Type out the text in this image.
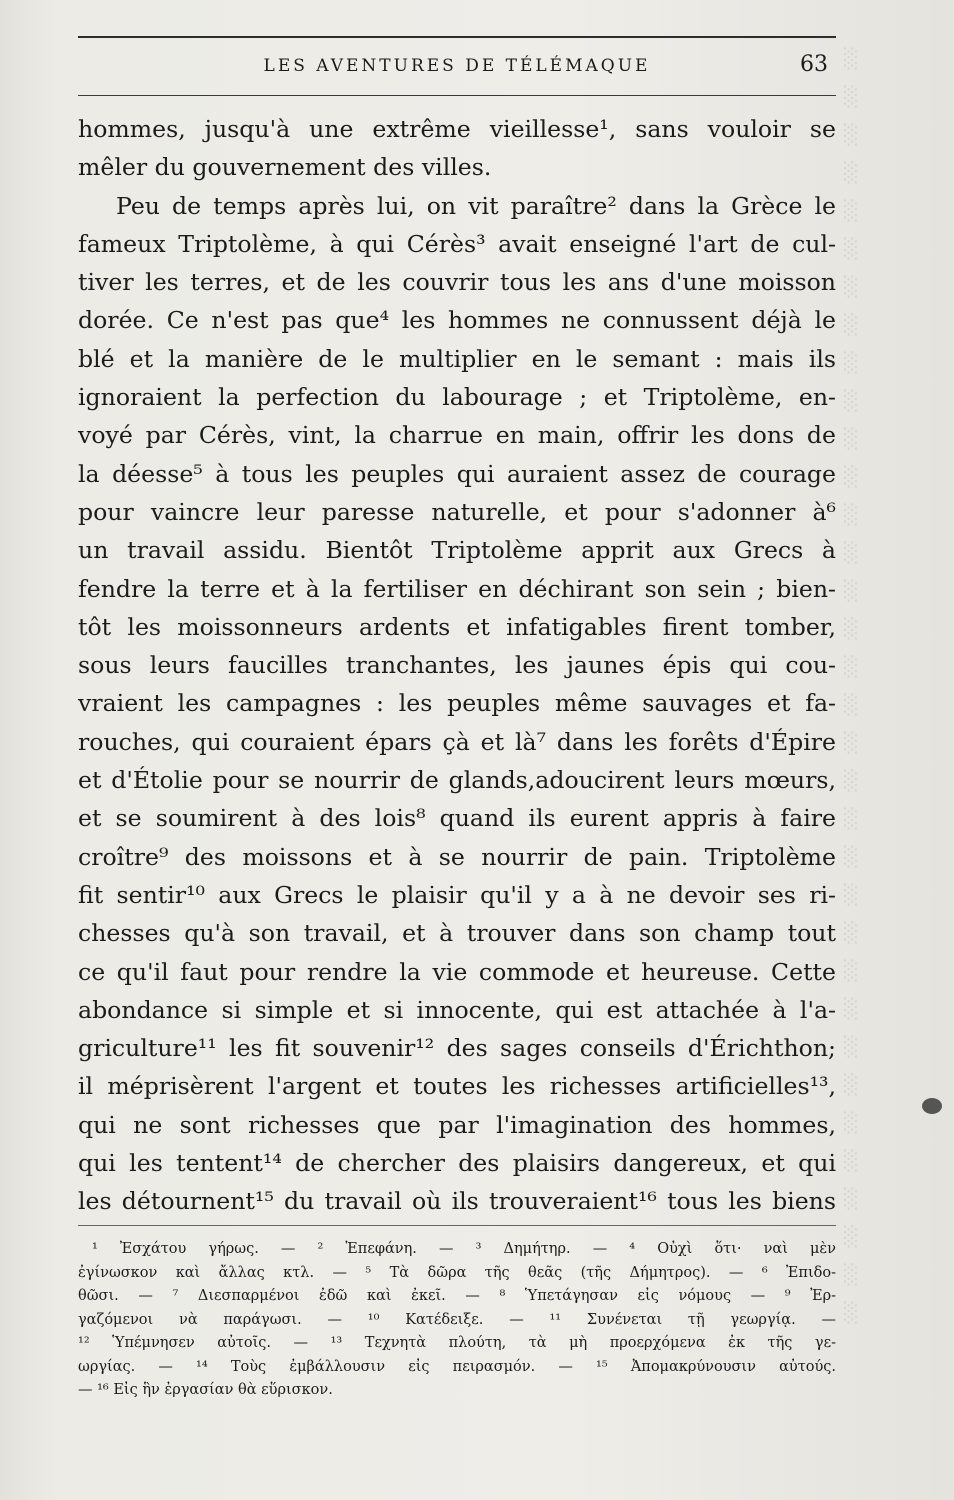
░
░
░
░
░
░
░
░
░
░
░
░
░
░
░
░
░
░
░
░
░
░
░
░
░
░
░
░
░
░
░
░
░
░
LES AVENTURES DE TÉLÉMAQUE	63
hommes, jusqu'à une extrême vieillesse¹, sans vouloir se
mêler du gouvernement des villes.
Peu de temps après lui, on vit paraître² dans la Grèce le
fameux Triptolème, à qui Cérès³ avait enseigné l'art de cul-
tiver les terres, et de les couvrir tous les ans d'une moisson
dorée. Ce n'est pas que⁴ les hommes ne connussent déjà le
blé et la manière de le multiplier en le semant : mais ils
ignoraient la perfection du labourage ; et Triptolème, en-
voyé par Cérès, vint, la charrue en main, offrir les dons de
la déesse⁵ à tous les peuples qui auraient assez de courage
pour vaincre leur paresse naturelle, et pour s'adonner à⁶
un travail assidu. Bientôt Triptolème apprit aux Grecs à
fendre la terre et à la fertiliser en déchirant son sein ; bien-
tôt les moissonneurs ardents et infatigables firent tomber,
sous leurs faucilles tranchantes, les jaunes épis qui cou-
vraient les campagnes : les peuples même sauvages et fa-
rouches, qui couraient épars çà et là⁷ dans les forêts d'Épire
et d'Étolie pour se nourrir de glands,adoucirent leurs mœurs,
et se soumirent à des lois⁸ quand ils eurent appris à faire
croître⁹ des moissons et à se nourrir de pain. Triptolème
fit sentir¹⁰ aux Grecs le plaisir qu'il y a à ne devoir ses ri-
chesses qu'à son travail, et à trouver dans son champ tout
ce qu'il faut pour rendre la vie commode et heureuse. Cette
abondance si simple et si innocente, qui est attachée à l'a-
griculture¹¹ les fit souvenir¹² des sages conseils d'Érichthon;
il méprisèrent l'argent et toutes les richesses artificielles¹³,
qui ne sont richesses que par l'imagination des hommes,
qui les tentent¹⁴ de chercher des plaisirs dangereux, et qui
les détournent¹⁵ du travail où ils trouveraient¹⁶ tous les biens
¹ Ἐσχάτου γήρως. — ² Ἐπεφάνη. — ³ Δημήτηρ. — ⁴ Οὐχὶ ὅτι· ναὶ μὲν
ἐγίνωσκον καὶ ἄλλας κτλ. — ⁵ Τὰ δῶρα τῆς θεᾶς (τῆς Δήμητρος). — ⁶ Ἐπιδο-
θῶσι. — ⁷ Διεσπαρμένοι ἐδῶ καὶ ἐκεῖ. — ⁸ Ὑπετάγησαν εἰς νόμους — ⁹ Ἐρ-
γαζόμενοι νὰ παράγωσι. — ¹⁰ Κατέδειξε. — ¹¹ Συνένεται τῇ γεωργίᾳ. —
¹² Ὑπέμνησεν αὐτοῖς. — ¹³ Τεχνητὰ πλούτη, τὰ μὴ προερχόμενα ἐκ τῆς γε-
ωργίας. — ¹⁴ Τοὺς ἐμβάλλουσιν εἰς πειρασμόν. — ¹⁵ Ἀπομακρύνουσιν αὐτούς.
— ¹⁶ Εἰς ἣν ἐργασίαν θὰ εὕρισκον.
